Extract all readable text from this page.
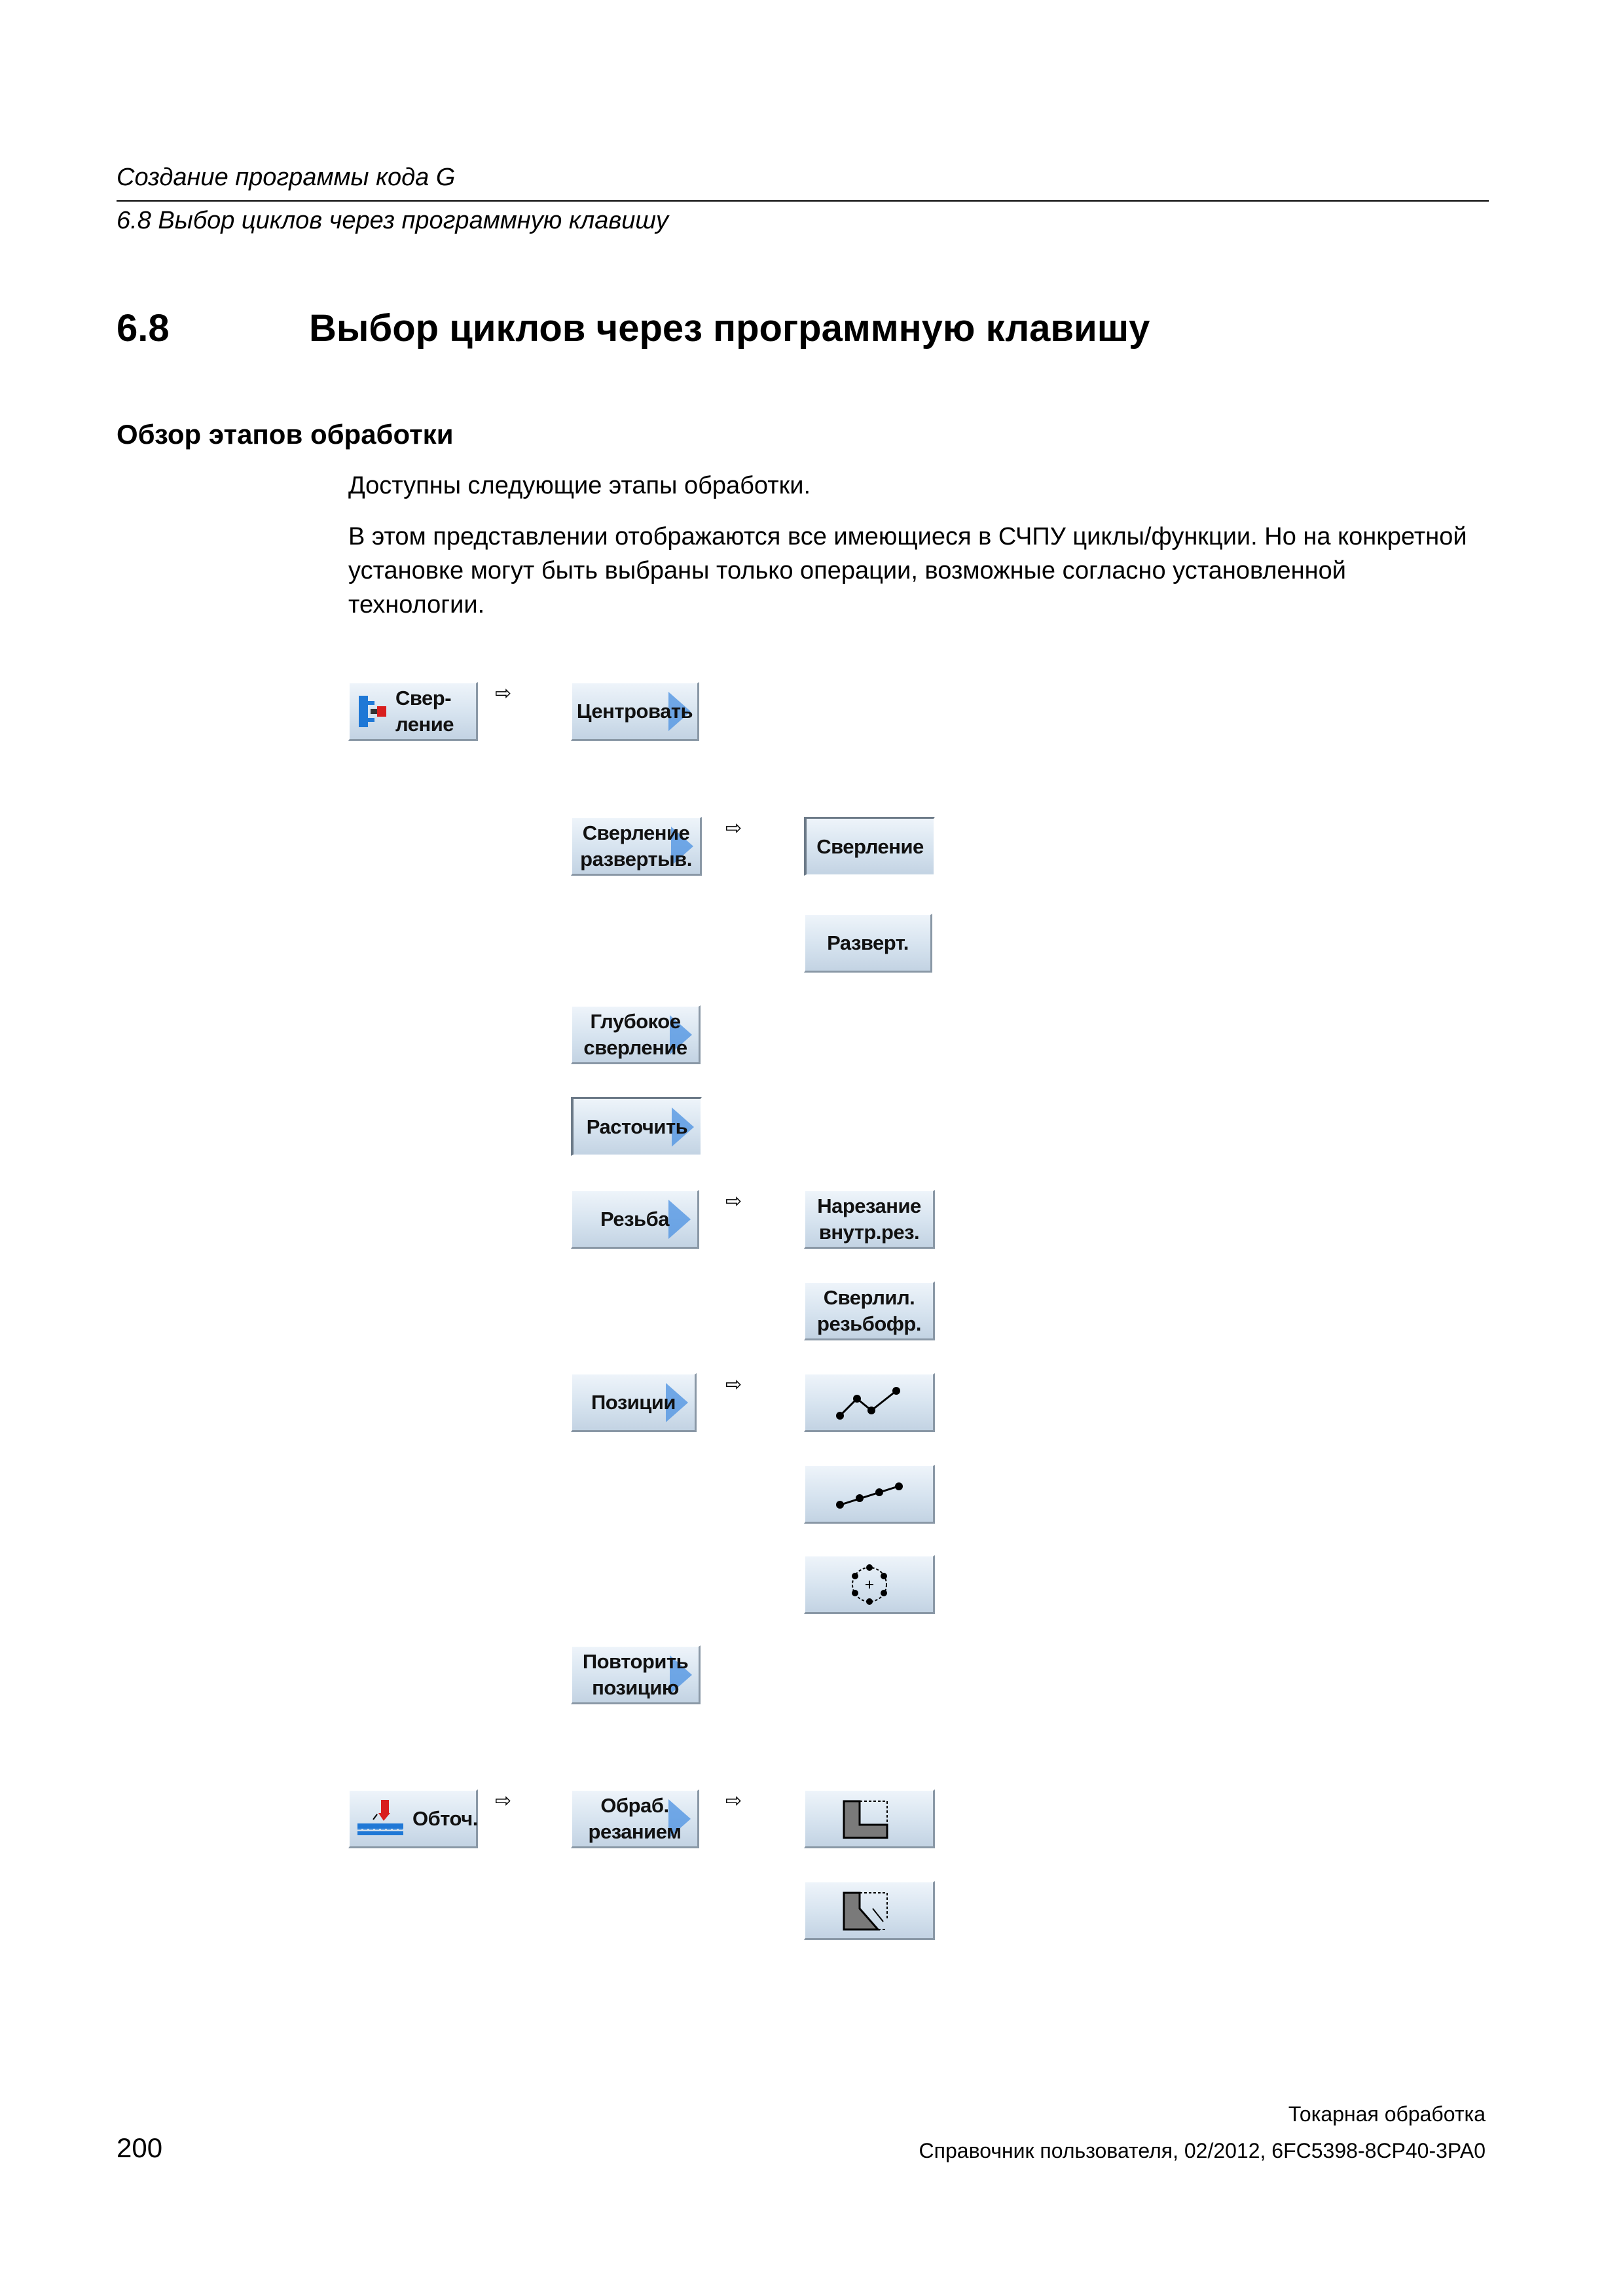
Создание программы кода G
6.8 Выбор циклов через программную клавишу
6.8	Выбор циклов через программную клавишу
Обзор этапов обработки
Доступны следующие этапы обработки.
В этом представлении отображаются все имеющиеся в СЧПУ циклы/функции. Но на конкретной установке могут быть выбраны только операции, возможные согласно установленной технологии.
Свер-
ление
⇨
Центровать
Сверление
развертыв.
⇨
Сверление
Разверт.
Глубокое
сверление
Расточить
Резьба
⇨	Нарезание
внутр.рез.
Сверлил.
резьбофр.
Позиции
⇨
Повторить
позицию
Обточ.
⇨	Обраб.
резанием
⇨
Токарная обработка
200	Справочник пользователя, 02/2012, 6FC5398-8CP40-3PA0
